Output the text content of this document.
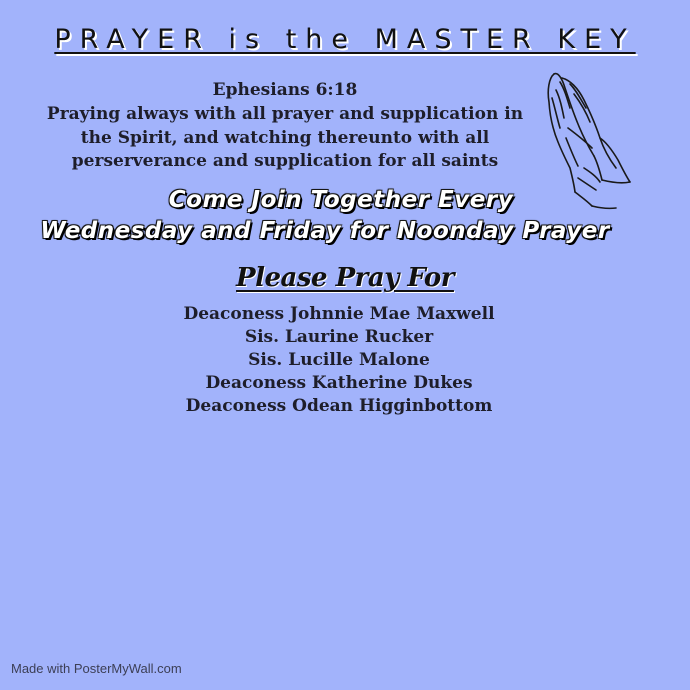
PRAYER is the MASTER KEY
Ephesians 6:18
Praying always with all prayer and supplication in
the Spirit, and watching thereunto with all
perserverance and supplication for all saints
Come Join Together Every
Wednesday and Friday for Noonday Prayer
Please Pray For
Deaconess Johnnie Mae Maxwell
Sis. Laurine Rucker
Sis. Lucille Malone
Deaconess Katherine Dukes
Deaconess Odean Higginbottom
Made with PosterMyWall.com
